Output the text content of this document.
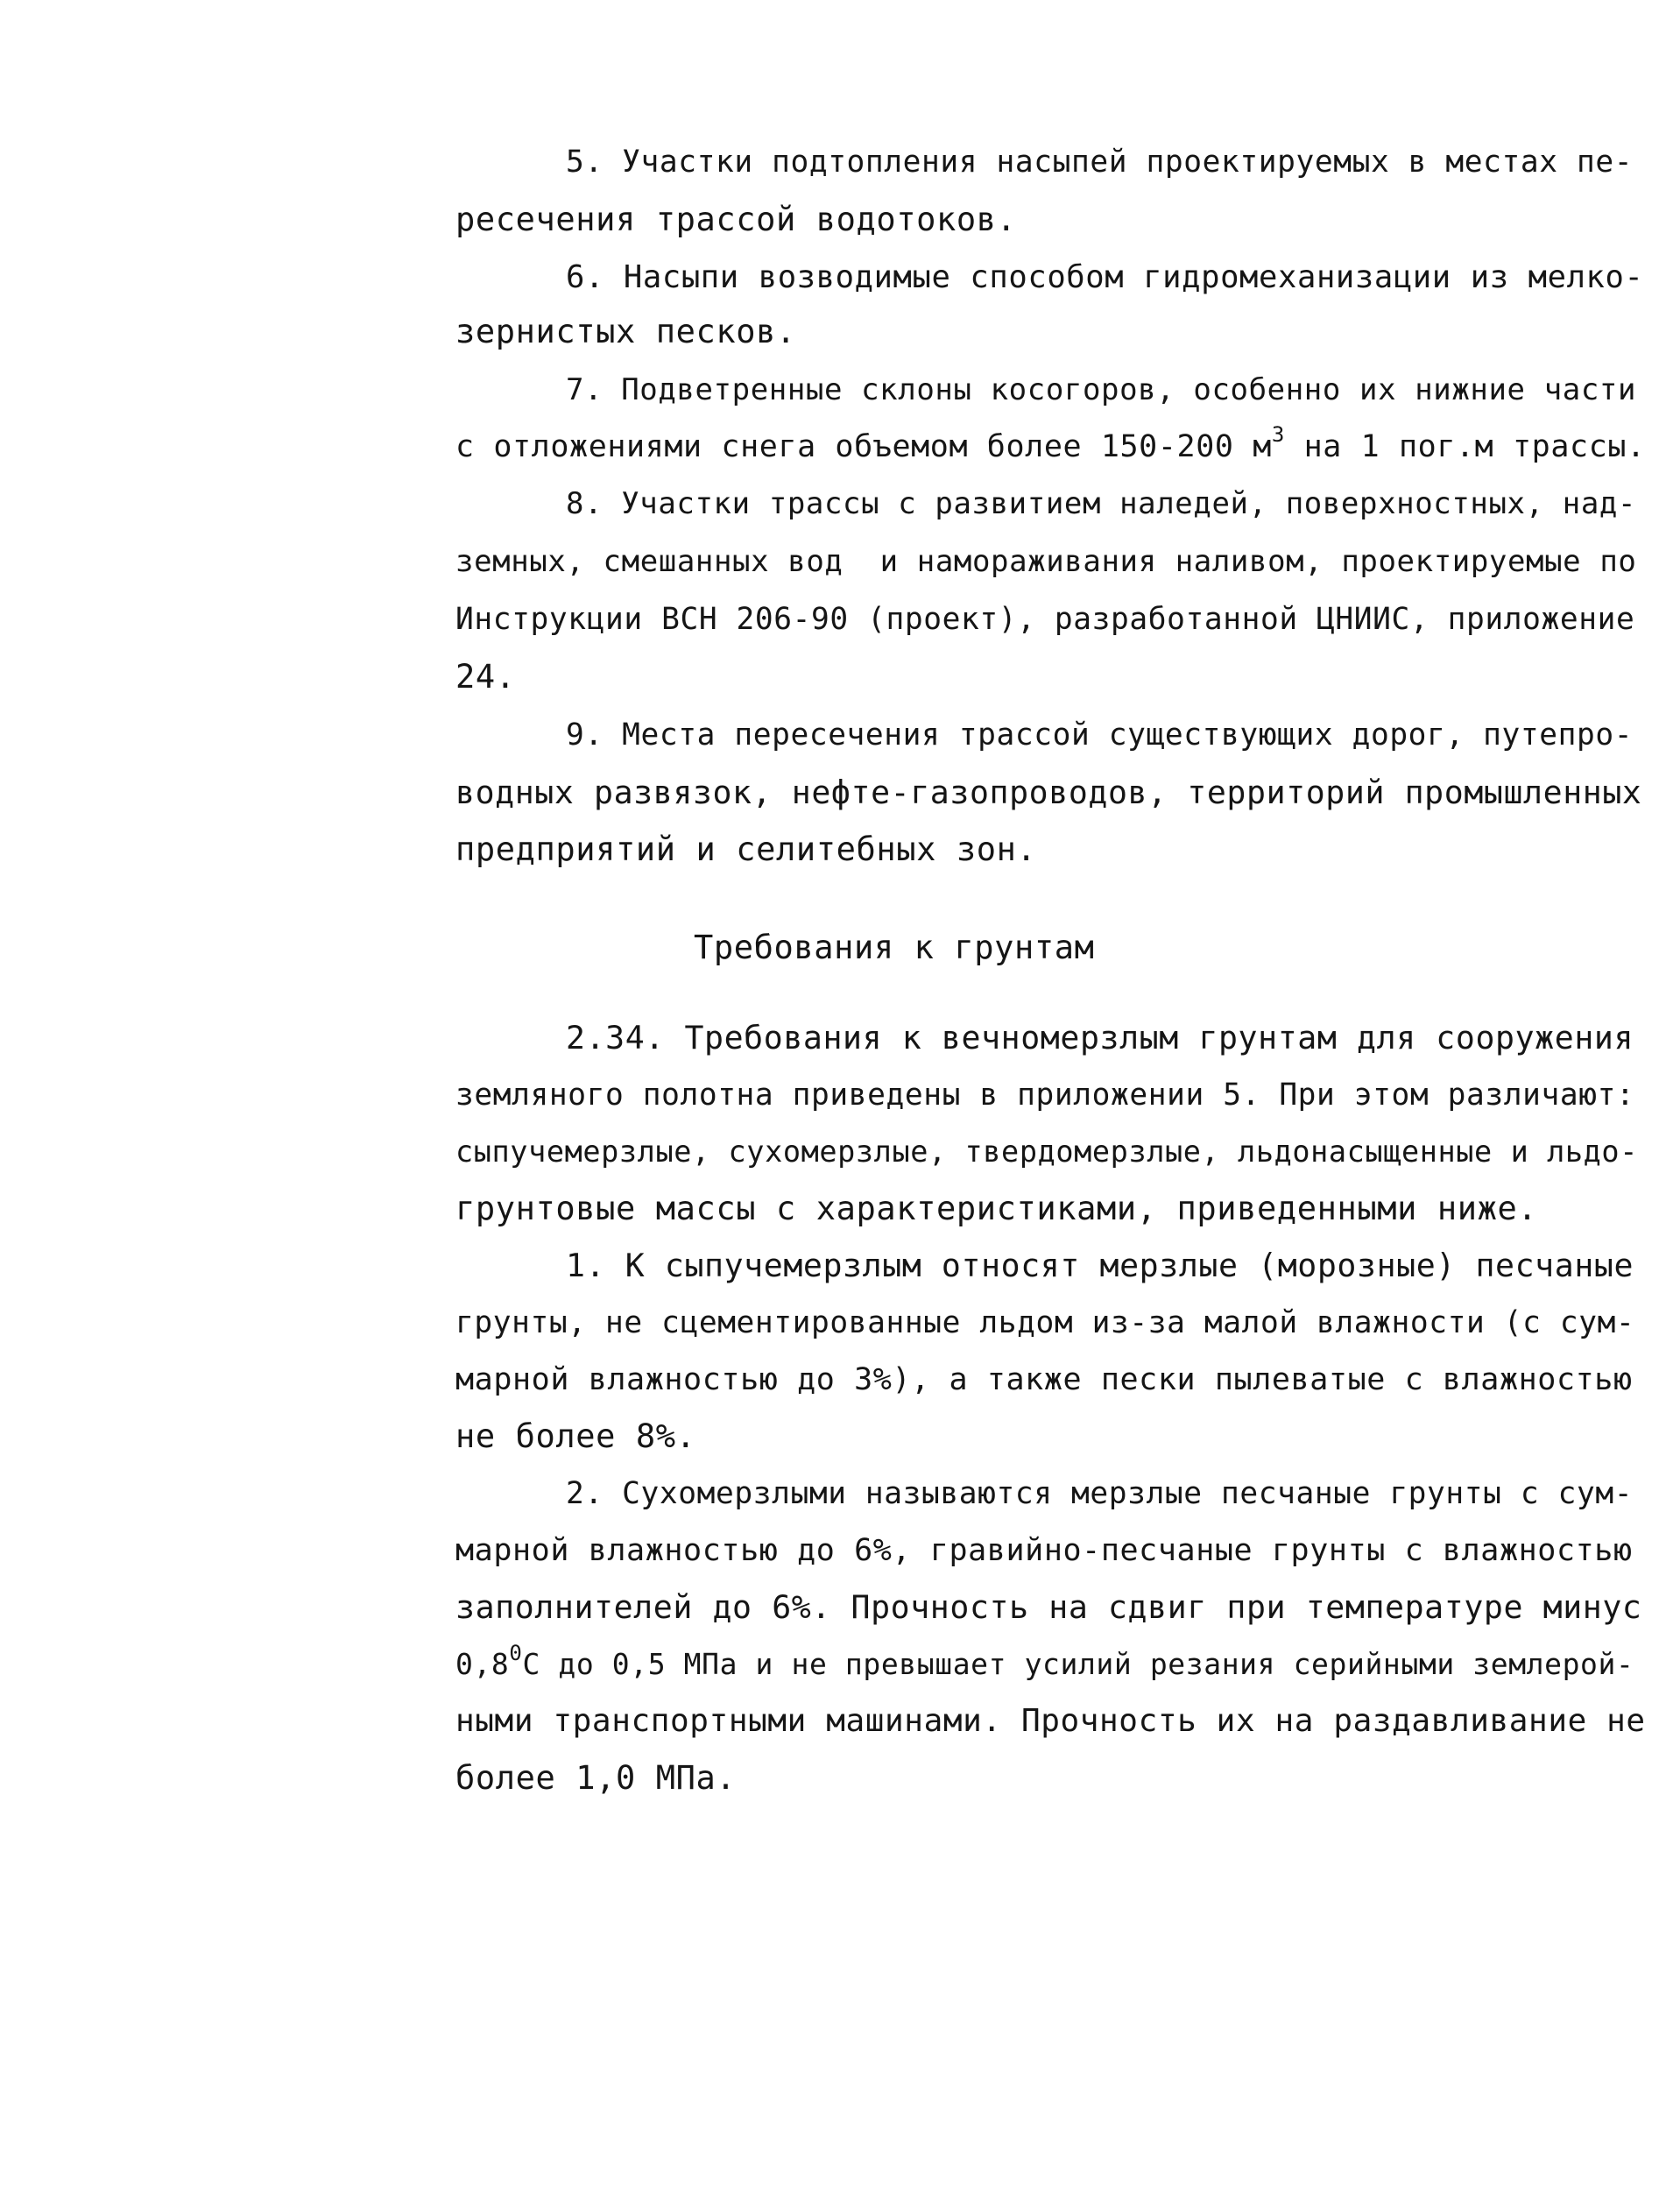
5. Участки подтопления насыпей проектируемых в местах пе-

ресечения трассой водотоков.

6. Насыпи возводимые способом гидромеханизации из мелко-

зернистых песков.

7. Подветренные склоны косогоров, особенно их нижние части

с отложениями снега объемом более 150-200 $м^3$ на 1 пог.м трассы.

8. Участки трассы с развитием наледей, поверхностных, над-

земных, смешанных вод  и намораживания наливом, проектируемые по

Инструкции ВСН 206-90 (проект), разработанной ЦНИИС, приложение

24.

9. Места пересечения трассой существующих дорог, путепро-

водных развязок, нефте-газопроводов, территорий промышленных

предприятий и селитебных зон.

Требования к грунтам

2.34. Требования к вечномерзлым грунтам для сооружения

земляного полотна приведены в приложении 5. При этом различают:

сыпучемерзлые, сухомерзлые, твердомерзлые, льдонасыщенные и льдо-

грунтовые массы с характеристиками, приведенными ниже.

1. К сыпучемерзлым относят мерзлые (морозные) песчаные

грунты, не сцементированные льдом из-за малой влажности (с сум-

марной влажностью до 3%), а также пески пылеватые с влажностью

не более 8%.

2. Сухомерзлыми называются мерзлые песчаные грунты с сум-

марной влажностью до 6%, гравийно-песчаные грунты с влажностью

заполнителей до 6%. Прочность на сдвиг при температуре минус

$0,8^0С$ до 0,5 МПа и не превышает усилий резания серийными землерой-

ными транспортными машинами. Прочность их на раздавливание не

более 1,0 МПа.
